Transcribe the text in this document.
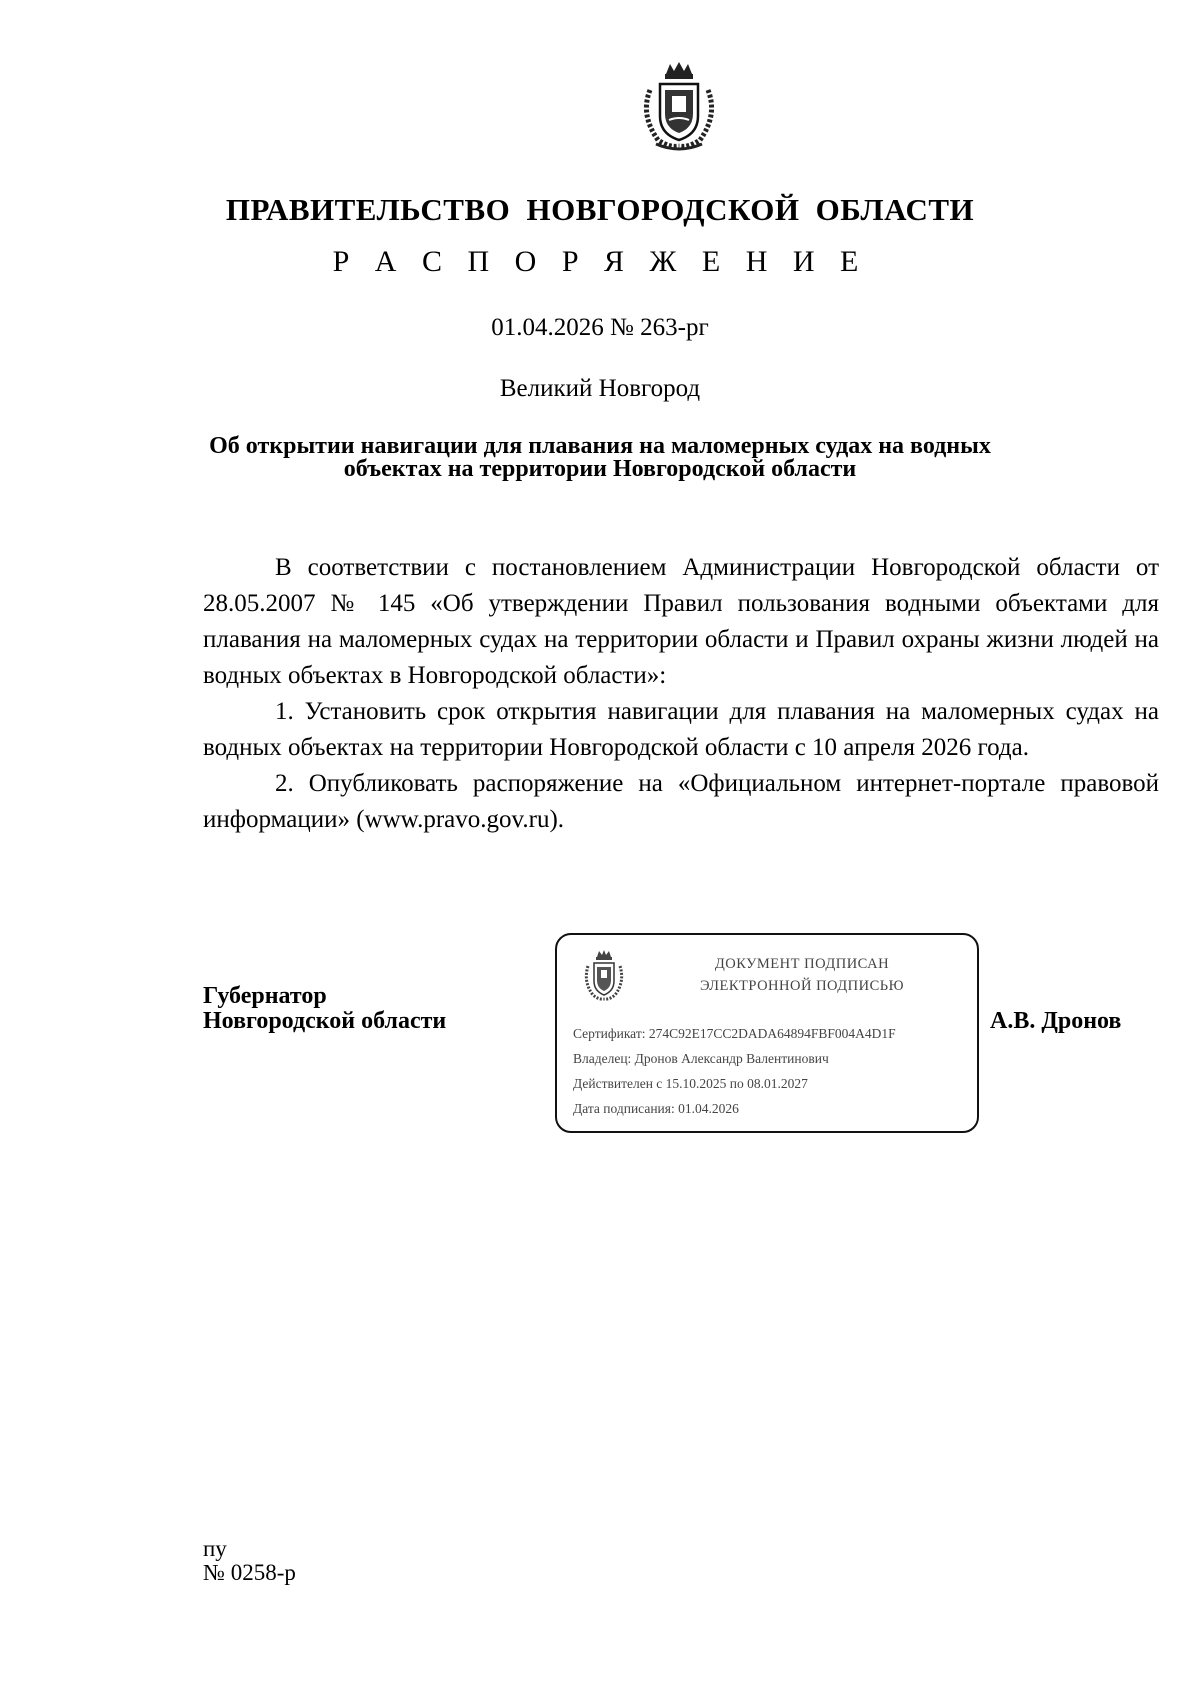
ПРАВИТЕЛЬСТВО НОВГОРОДСКОЙ ОБЛАСТИ
Р А С П О Р Я Ж Е Н И Е
01.04.2026 № 263-рг
Великий Новгород
Об открытии навигации для плавания на маломерных судах на водных
объектах на территории Новгородской области

В соответствии с постановлением Администрации Новгородской области от 28.05.2007 № 145 «Об утверждении Правил пользования водными объектами для плавания на маломерных судах на территории области и Правил охраны жизни людей на водных объектах в Новгородской области»:

1. Установить срок открытия навигации для плавания на маломерных судах на водных объектах на территории Новгородской области с 10 апреля 2026 года.

2. Опубликовать распоряжение на «Официальном интернет-портале правовой информации» (www.pravo.gov.ru).

Губернатор
Новгородской области
ДОКУМЕНТ ПОДПИСАН
ЭЛЕКТРОННОЙ ПОДПИСЬЮ
Сертификат: 274C92E17CC2DADA64894FBF004A4D1F
Владелец: Дронов Александр Валентинович
Действителен с 15.10.2025 по 08.01.2027
Дата подписания: 01.04.2026
А.В. Дронов
пу
№ 0258-р
